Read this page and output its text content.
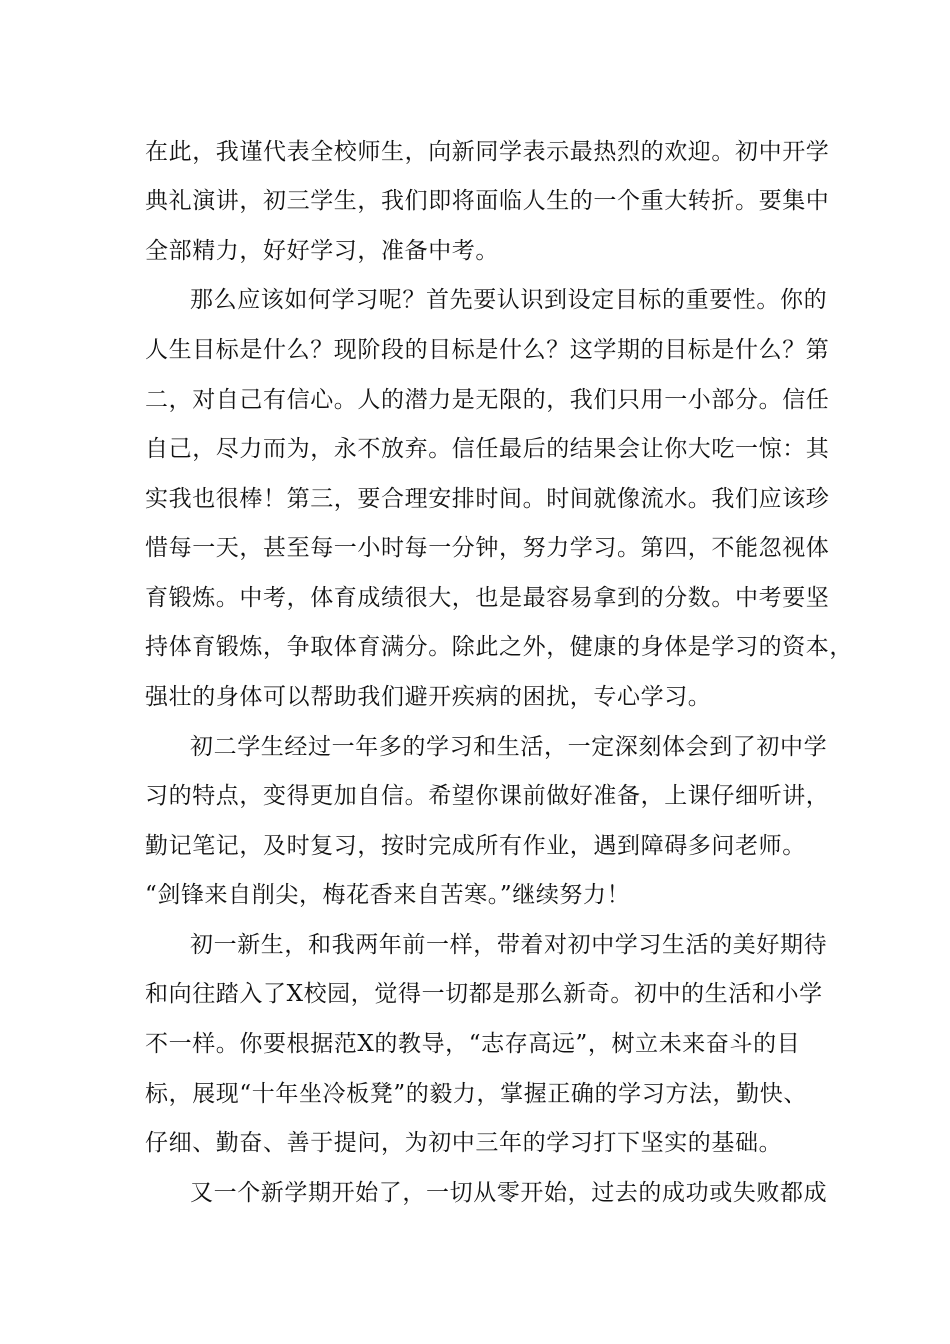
在此，我谨代表全校师生，向新同学表示最热烈的欢迎。初中开学
典礼演讲，初三学生，我们即将面临人生的一个重大转折。要集中
全部精力，好好学习，准备中考。
那么应该如何学习呢？首先要认识到设定目标的重要性。你的
人生目标是什么？现阶段的目标是什么？这学期的目标是什么？第
二，对自己有信心。人的潜力是无限的，我们只用一小部分。信任
自己，尽力而为，永不放弃。信任最后的结果会让你大吃一惊：其
实我也很棒！第三，要合理安排时间。时间就像流水。我们应该珍
惜每一天，甚至每一小时每一分钟，努力学习。第四，不能忽视体
育锻炼。中考，体育成绩很大，也是最容易拿到的分数。中考要坚
持体育锻炼，争取体育满分。除此之外，健康的身体是学习的资本，
强壮的身体可以帮助我们避开疾病的困扰，专心学习。
初二学生经过一年多的学习和生活，一定深刻体会到了初中学
习的特点，变得更加自信。希望你课前做好准备，上课仔细听讲，
勤记笔记，及时复习，按时完成所有作业，遇到障碍多问老师。
“剑锋来自削尖，梅花香来自苦寒。”继续努力！
初一新生，和我两年前一样，带着对初中学习生活的美好期待
和向往踏入了X校园，觉得一切都是那么新奇。初中的生活和小学
不一样。你要根据范X的教导，“志存高远”，树立未来奋斗的目
标，展现“十年坐冷板凳”的毅力，掌握正确的学习方法，勤快、
仔细、勤奋、善于提问，为初中三年的学习打下坚实的基础。
又一个新学期开始了，一切从零开始，过去的成功或失败都成
